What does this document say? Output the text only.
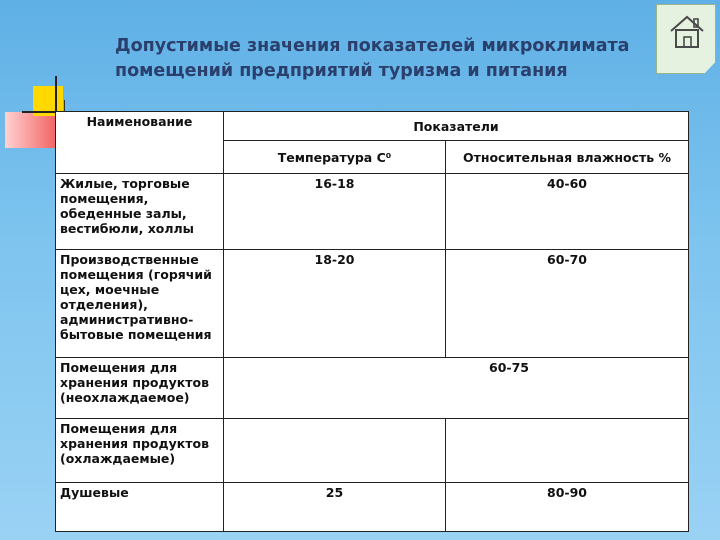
Допустимые значения показателей микроклимата
помещений предприятий туризма и питания
Наименование	Показатели	
	Температура С⁰	Относительная влажность %
Жилые, торговые помещения, обеденные залы, вестибюли, холлы	16-18	40-60
Производственные помещения (горячий цех, моечные отделения), административно-бытовые помещения	18-20	60-70
Помещения для хранения продуктов (неохлаждаемое)	60-75	
Помещения для хранения продуктов (охлаждаемые)		
Душевые	25	80-90
